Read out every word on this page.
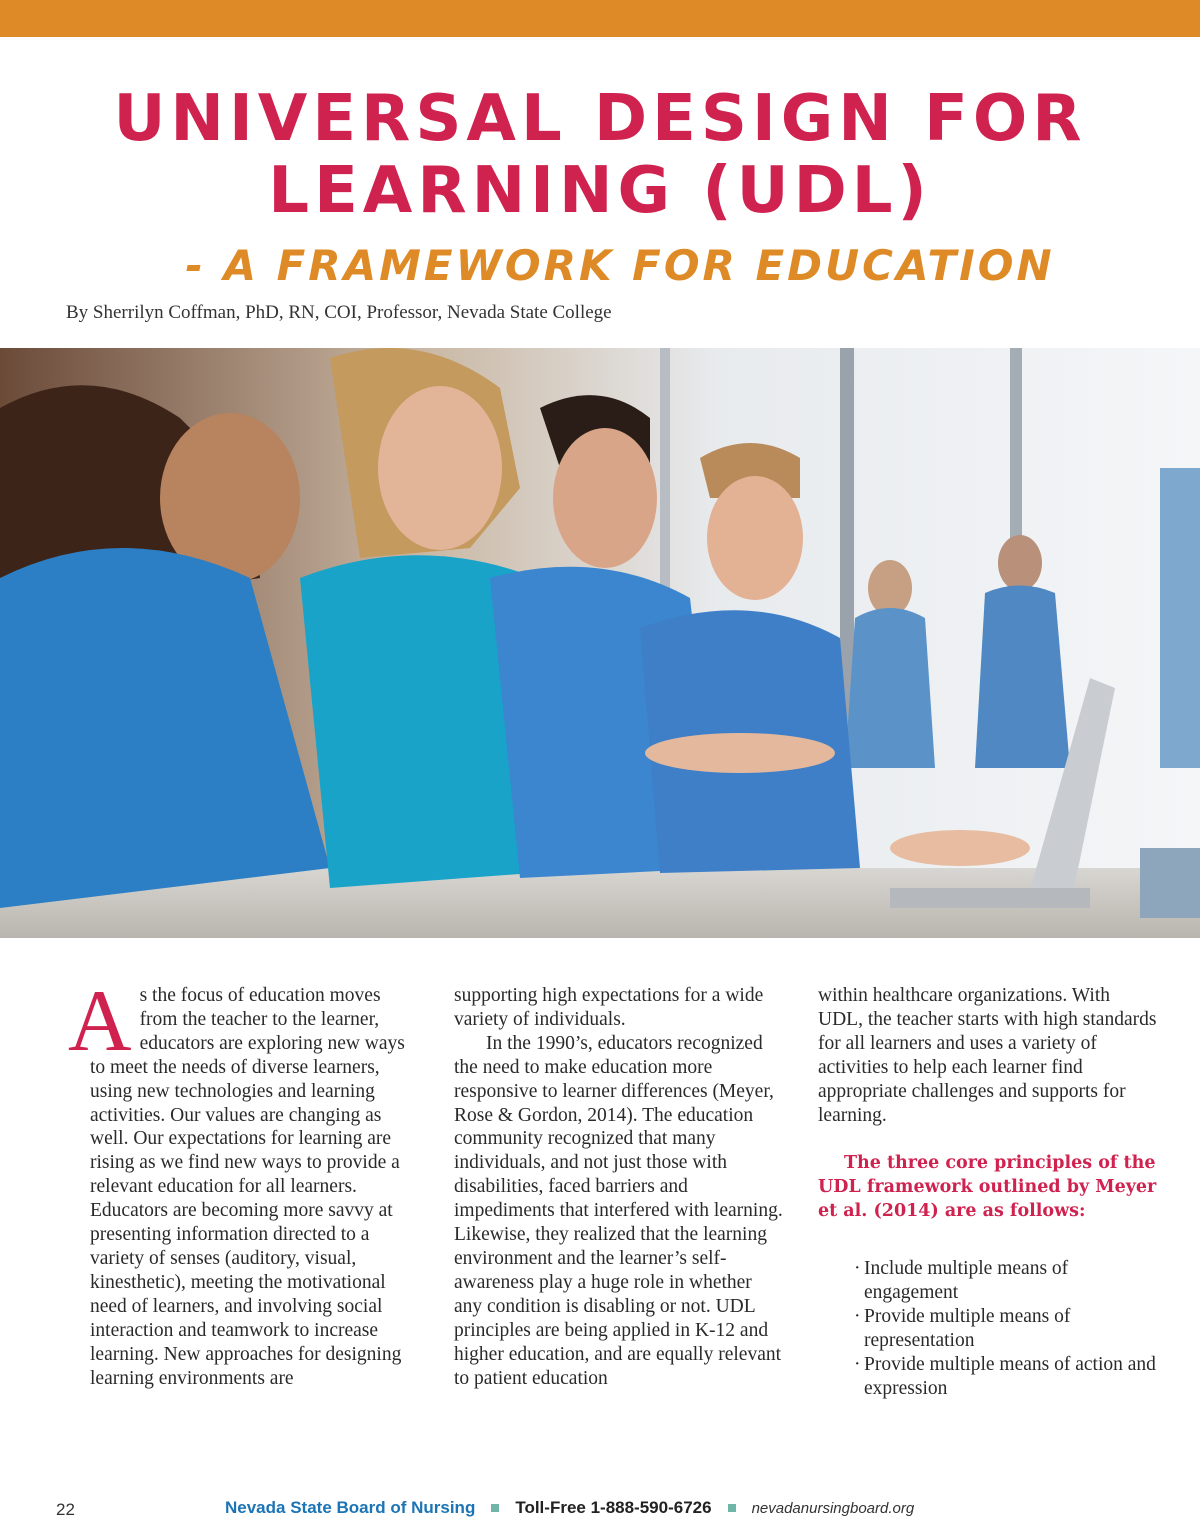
UNIVERSAL DESIGN FOR
LEARNING (UDL)
- A FRAMEWORK FOR EDUCATION
By Sherrilyn Coffman, PhD, RN, COI, Professor, Nevada State College
A s the focus of education moves from the teacher to the learner, educators are exploring new ways to meet the needs of diverse learners, using new technologies and learning activities. Our values are changing as well. Our expectations for learning are rising as we find new ways to provide a relevant education for all learners. Educators are becoming more savvy at presenting information directed to a variety of senses (auditory, visual, kinesthetic), meeting the motivational need of learners, and involving social interaction and teamwork to increase learning. New approaches for designing learning environments are

supporting high expectations for a wide variety of individuals.

In the 1990’s, educators recognized the need to make education more responsive to learner differences (Meyer, Rose & Gordon, 2014). The education community recognized that many individuals, and not just those with disabilities, faced barriers and impediments that interfered with learning. Likewise, they realized that the learning environment and the learner’s self-awareness play a huge role in whether any condition is disabling or not. UDL principles are being applied in K-12 and higher education, and are equally relevant to patient education

within healthcare organizations. With UDL, the teacher starts with high standards for all learners and uses a variety of activities to help each learner find appropriate challenges and supports for learning.

The three core principles of the UDL framework outlined by Meyer et al. (2014) are as follows:

· Include multiple means of engagement
· Provide multiple means of representation
· Provide multiple means of action and expression
22	Nevada State Board of Nursing Toll-Free 1-888-590-6726	nevadanursingboard.org
